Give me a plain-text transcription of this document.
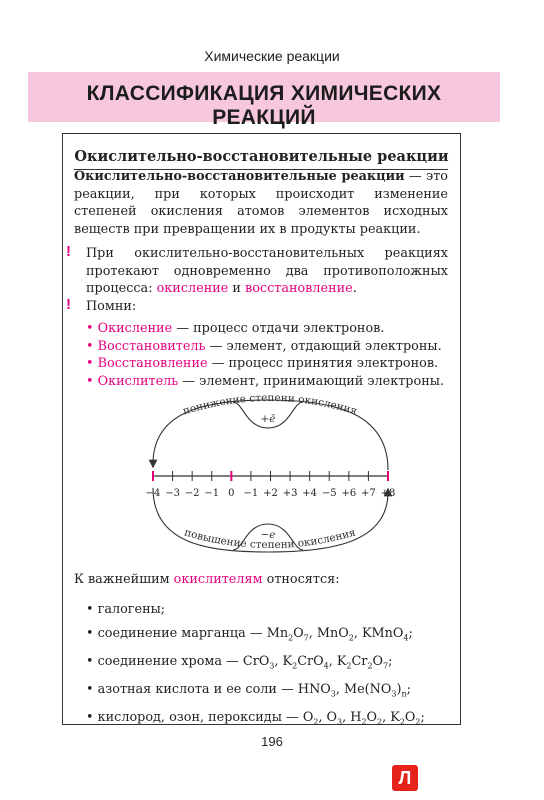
Химические реакции
КЛАССИФИКАЦИЯ ХИМИЧЕСКИХ РЕАКЦИЙ
Окислительно-восстановительные реакции
Окислительно-восстановительные реакции — это реакции, при которых происходит изменение степеней окисления атомов элементов исходных веществ при превращении их в продукты реакции.
! При окислительно-восстановительных реакциях протекают одновременно два противоположных процесса: окисление и восстановление.
! Помни:
• Окисление — процесс отдачи электронов.
• Восстановитель — элемент, отдающий электроны.
• Восстановление — процесс принятия электронов.
• Окислитель — элемент, принимающий электроны.
понижение степени окисления
+ē
−4 −3 −2 −1 0 −1 +2 +3 +4 −5 +6 +7 +8
повышение степени окисления
−e
К важнейшим окислителям относятся:
• галогены;
• соединение марганца — $Mn_2O_7$, MnO$_2$, KMnO$_4$;
• соединение хрома — CrO$_3$, $K_2CrO_4$, $K_2Cr_2O_7$;
• азотная кислота и ее соли — $HNO_3$, $Me(NO_3)_n$;
• кислород, озон, пероксиды — $O_2$, $O_3$, $H_2O_2$, $K_2O_2$;
196
Л
